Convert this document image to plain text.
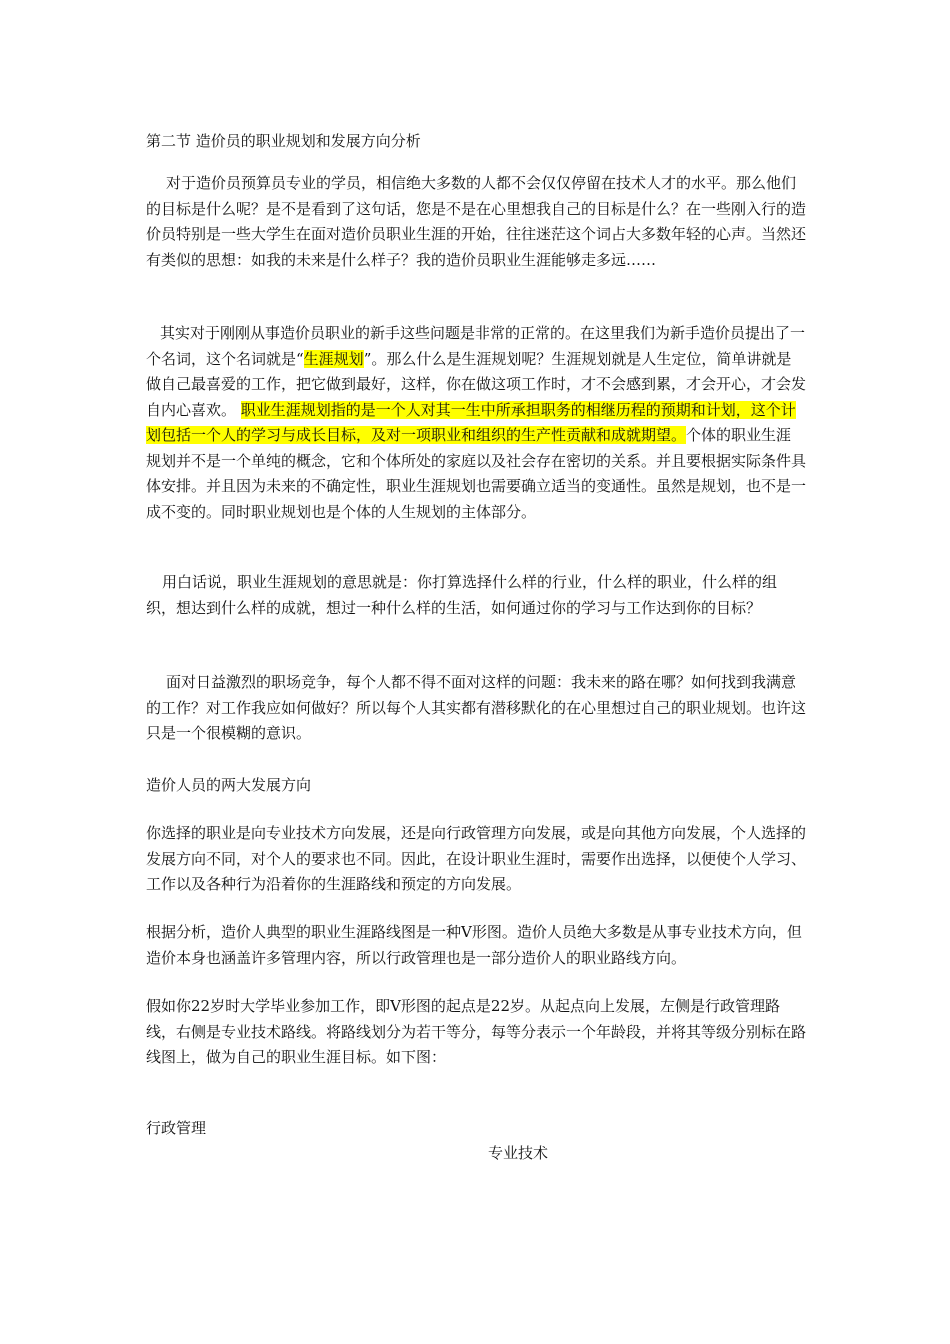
第二节 造价员的职业规划和发展方向分析

对于造价员预算员专业的学员，相信绝大多数的人都不会仅仅停留在技术人才的水平。那么他们的目标是什么呢？是不是看到了这句话，您是不是在心里想我自己的目标是什么？在一些刚入行的造价员特别是一些大学生在面对造价员职业生涯的开始，往往迷茫这个词占大多数年轻的心声。当然还有类似的思想：如我的未来是什么样子？我的造价员职业生涯能够走多远……

其实对于刚刚从事造价员职业的新手这些问题是非常的正常的。在这里我们为新手造价员提出了一个名词，这个名词就是“生涯规划”。那么什么是生涯规划呢？生涯规划就是人生定位，简单讲就是做自己最喜爱的工作，把它做到最好，这样，你在做这项工作时，才不会感到累，才会开心，才会发自内心喜欢。 职业生涯规划指的是一个人对其一生中所承担职务的相继历程的预期和计划，这个计划包括一个人的学习与成长目标，及对一项职业和组织的生产性贡献和成就期望。个体的职业生涯规划并不是一个单纯的概念，它和个体所处的家庭以及社会存在密切的关系。并且要根据实际条件具体安排。并且因为未来的不确定性，职业生涯规划也需要确立适当的变通性。虽然是规划，也不是一成不变的。同时职业规划也是个体的人生规划的主体部分。

用白话说，职业生涯规划的意思就是：你打算选择什么样的行业，什么样的职业，什么样的组织，想达到什么样的成就，想过一种什么样的生活，如何通过你的学习与工作达到你的目标？

面对日益激烈的职场竞争，每个人都不得不面对这样的问题：我未来的路在哪？如何找到我满意的工作？对工作我应如何做好？所以每个人其实都有潜移默化的在心里想过自己的职业规划。也许这只是一个很模糊的意识。

造价人员的两大发展方向

你选择的职业是向专业技术方向发展，还是向行政管理方向发展，或是向其他方向发展，个人选择的发展方向不同，对个人的要求也不同。因此，在设计职业生涯时，需要作出选择，以便使个人学习、工作以及各种行为沿着你的生涯路线和预定的方向发展。

根据分析，造价人典型的职业生涯路线图是一种V形图。造价人员绝大多数是从事专业技术方向，但造价本身也涵盖许多管理内容，所以行政管理也是一部分造价人的职业路线方向。

假如你22岁时大学毕业参加工作，即V形图的起点是22岁。从起点向上发展，左侧是行政管理路线，右侧是专业技术路线。将路线划分为若干等分，每等分表示一个年龄段，并将其等级分别标在路线图上，做为自己的职业生涯目标。如下图：

行政管理

专业技术
